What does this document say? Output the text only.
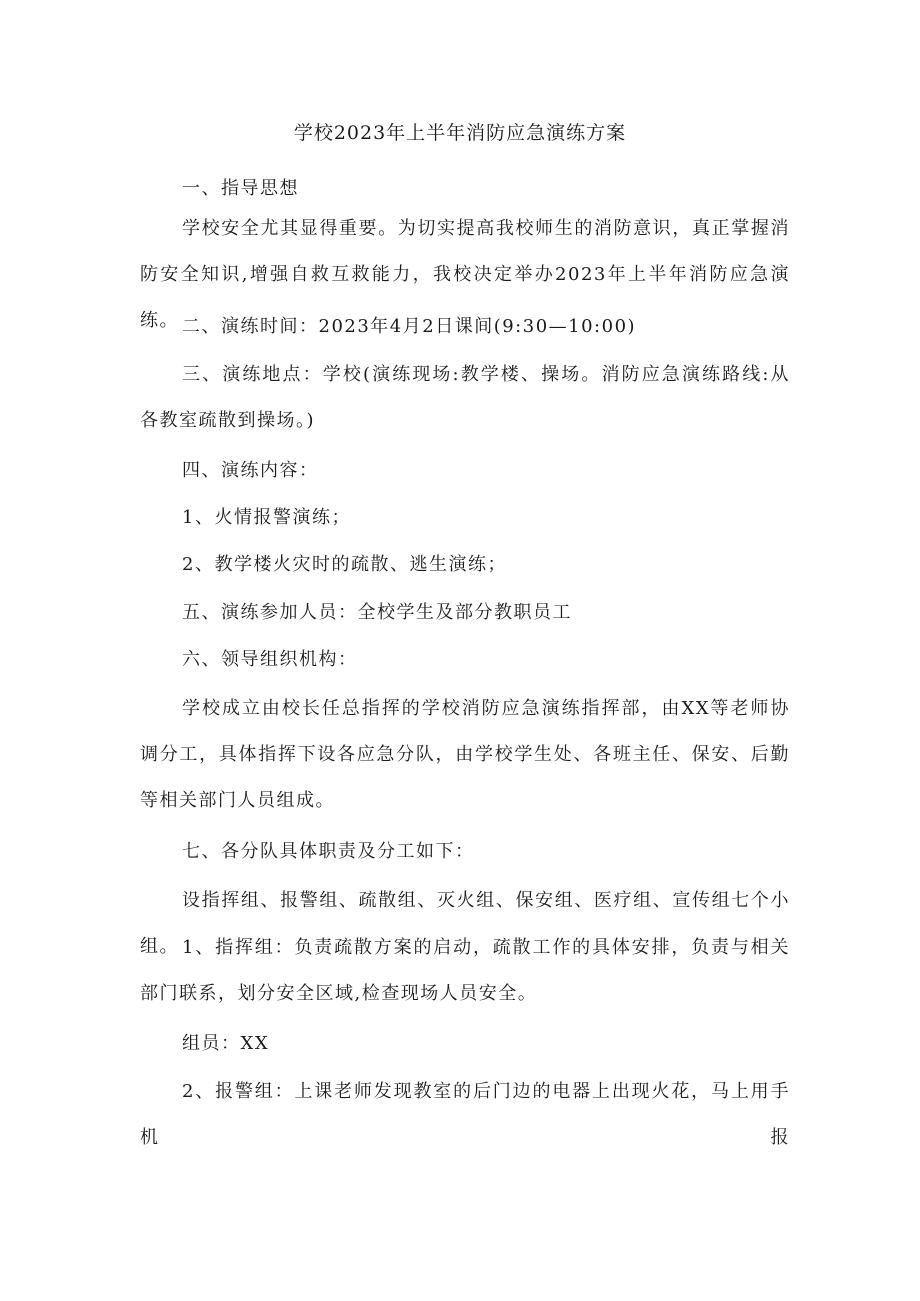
学校2023年上半年消防应急演练方案

一、指导思想

学校安全尤其显得重要。为切实提高我校师生的消防意识，真正掌握消防安全知识,增强自救互救能力，我校决定举办2023年上半年消防应急演练。 二、演练时间：2023年4月2日课间(9:30—10:00)

三、演练地点：学校(演练现场:教学楼、操场。消防应急演练路线:从各教室疏散到操场。)

四、演练内容：

1、火情报警演练；

2、教学楼火灾时的疏散、逃生演练；

五、演练参加人员：全校学生及部分教职员工

六、领导组织机构：

学校成立由校长任总指挥的学校消防应急演练指挥部，由XX等老师协调分工，具体指挥下设各应急分队，由学校学生处、各班主任、保安、后勤等相关部门人员组成。

七、各分队具体职责及分工如下：

设指挥组、报警组、疏散组、灭火组、保安组、医疗组、宣传组七个小组。 1、指挥组：负责疏散方案的启动，疏散工作的具体安排，负责与相关部门联系，划分安全区域,检查现场人员安全。

组员：XX

2、报警组：上课老师发现教室的后门边的电器上出现火花，马上用手机报
